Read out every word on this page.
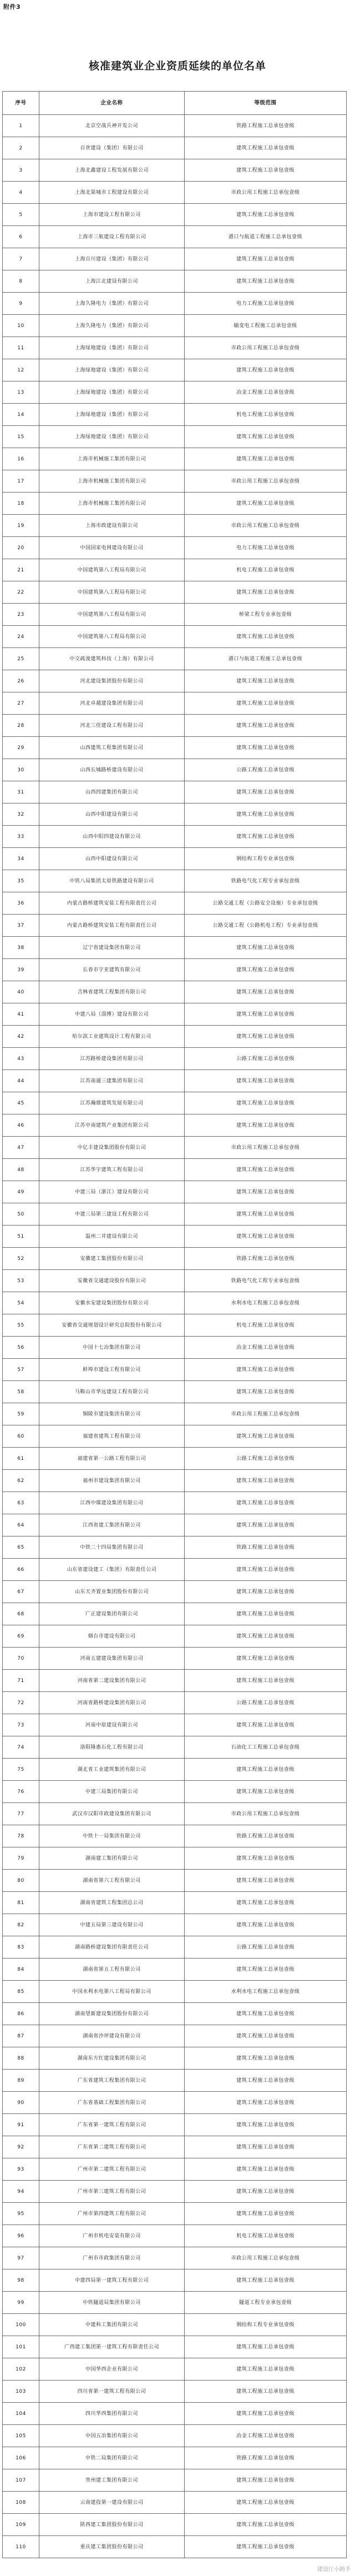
附件3
核准建筑业企业资质延续的单位名单
序号	企业名称	等级范围
1	北京空战兵神开发公司	铁路工程施工总承包壹级
2	百世建设（集团）有限公司	建筑工程施工总承包壹级
3	上海北鑫建设工程发展有限公司	建筑工程施工总承包壹级
4	上海北渠城市工程建设有限公司	市政公用工程施工总承包壹级
5	上海市建设工程有限公司	建筑工程施工总承包壹级
6	上海市三航建设工程有限公司	港口与航道工程施工总承包壹级
7	上海百川建设（集团）有限公司	建筑工程施工总承包壹级
8	上海江北建设有限公司	建筑工程施工总承包壹级
9	上海久隆电力（集团）有限公司	电力工程施工总承包壹级
10	上海久隆电力（集团）有限公司	输变电工程施工总承包壹级
11	上海绿地建设（集团）有限公司	市政公用工程施工总承包壹级
12	上海绿地建设（集团）有限公司	建筑工程施工总承包壹级
13	上海绿地建设（集团）有限公司	冶金工程施工总承包壹级
14	上海绿地建设（集团）有限公司	机电工程施工总承包壹级
15	上海绿地建设（集团）有限公司	建筑工程施工总承包壹级
16	上海市机械施工集团有限公司	建筑工程施工总承包壹级
17	上海市机械施工集团有限公司	市政公用工程施工总承包壹级
18	上海市机械施工集团有限公司	建筑工程施工总承包壹级
19	上海市政建设有限公司	市政公用工程施工总承包壹级
20	中国国家电网建设有限公司	电力工程施工总承包壹级
21	中国建筑第八工程局有限公司	机电工程施工总承包壹级
22	中国建筑第八工程局有限公司	建筑工程施工总承包壹级
23	中国建筑第八工程局有限公司	桥梁工程专业承包壹级
24	中国建筑第八工程局有限公司	建筑工程施工总承包壹级
25	中交疏浚建筑科技（上海）有限公司	港口与航道工程施工总承包壹级
26	河北建设集团股份有限公司	建筑工程施工总承包壹级
27	河北卓越建设集团有限公司	建筑工程施工总承包壹级
28	河北三佳建设工程有限公司	建筑工程施工总承包壹级
29	山西建筑工程集团有限公司	建筑工程施工总承包壹级
30	山西长城路桥建设有限公司	公路工程施工总承包壹级
31	山西四建集团有限公司	建筑工程施工总承包壹级
32	山西中阳建设有限公司	建筑工程施工总承包壹级
33	山西中阳四建设有限公司	建筑工程施工总承包壹级
34	山西中阳建设有限公司	钢结构工程专业承包壹级
35	中铁八局集团太原铁路建设有限公司	铁路电气化工程专业承包壹级
36	内蒙古路桥建筑安装工程有限责任公司	公路交通工程（公路安全设施）专业承包壹级
37	内蒙古路桥建筑安装工程有限责任公司	公路交通工程（公路机电工程）专业承包壹级
38	辽宁省建设集团有限公司	建筑工程施工总承包壹级
39	长春市宇亚建筑有限公司	建筑工程施工总承包壹级
40	吉林省建筑工程集团有限公司	建筑工程施工总承包壹级
41	中建八局（淄博）建设有限公司	建筑工程施工总承包壹级
42	哈尔滨工业建筑设计工程有限公司	建筑工程施工总承包壹级
43	江苏路桥建设集团有限公司	公路工程施工总承包壹级
44	江苏南通三建集团有限公司	建筑工程施工总承包壹级
45	江苏瀚鼎建筑发展有限公司	建筑工程施工总承包壹级
46	江苏中南建筑产业集团有限公司	建筑工程施工总承包壹级
47	中亿丰建设集团股份有限公司	市政公用工程施工总承包壹级
48	江苏华宇建筑工程有限公司	建筑工程施工总承包壹级
49	中建三局（浙江）建设有限公司	建筑工程施工总承包壹级
50	中建三局第三建设工程有限公司	建筑工程施工总承包壹级
51	温州二井建设有限公司	建筑工程施工总承包壹级
52	安徽建工集团股份有限公司	铁路工程施工总承包壹级
53	安徽省交通建设股份有限公司	铁路电气化工程专业承包壹级
54	安徽水安建设集团股份有限公司	水利水电工程施工总承包壹级
55	安徽省交通规划设计研究总院股份有限公司	机电工程施工总承包壹级
56	中国十七冶集团有限公司	冶金工程施工总承包壹级
57	蚌埠市建设工程有限公司	建筑工程施工总承包壹级
58	马鞍山市华远建设工程有限公司	建筑工程施工总承包壹级
59	铜陵市建设集团有限公司	市政公用工程施工总承包壹级
60	福建省建筑工程有限公司	建筑工程施工总承包壹级
61	福建省第一公路工程有限公司	公路工程施工总承包壹级
62	福州市建设集团有限公司	建筑工程施工总承包壹级
63	江西中煤建设集团有限公司	建筑工程施工总承包壹级
64	江西省建工集团有限公司	建筑工程施工总承包壹级
65	中铁二十四局集团有限公司	铁路工程施工总承包壹级
66	山东省建设建工（集团）有限责任公司	建筑工程施工总承包壹级
67	山东天齐置业集团股份有限公司	建筑工程施工总承包壹级
68	广正建设集团有限公司	建筑工程施工总承包壹级
69	烟台市建设有限公司	建筑工程施工总承包壹级
70	河南五建建设集团有限公司	建筑工程施工总承包壹级
71	河南省第二建设集团有限公司	建筑工程施工总承包壹级
72	河南省路桥建设集团有限公司	公路工程施工总承包壹级
73	河南中原建设有限公司	建筑工程施工总承包壹级
74	洛阳隆惠石化工程有限公司	石油化工工程施工总承包壹级
75	湖北省工业建筑集团有限公司	建筑工程施工总承包壹级
76	中建三局集团有限公司	建筑工程施工总承包壹级
77	武汉市汉阳市政建设集团有限公司	市政公用工程施工总承包壹级
78	中铁十一局集团有限公司	铁路工程施工总承包壹级
79	湖南建工集团有限公司	建筑工程施工总承包壹级
80	湖南省第六工程有限公司	建筑工程施工总承包壹级
81	湖南省建筑工程集团总公司	建筑工程施工总承包壹级
82	中建五局第三建设有限公司	建筑工程施工总承包壹级
83	湖南路桥建设集团有限责任公司	公路工程施工总承包壹级
84	湖南省第五工程有限公司	建筑工程施工总承包壹级
85	中国水利水电第八工程局有限公司	水利水电工程施工总承包壹级
86	湖南望新建设集团股份有限公司	建筑工程施工总承包壹级
87	湖南省沙坪建设有限公司	建筑工程施工总承包壹级
88	湖南东方红建设集团有限公司	建筑工程施工总承包壹级
89	广东省建筑工程集团有限公司	建筑工程施工总承包壹级
90	广东省基础工程集团有限公司	建筑工程施工总承包壹级
91	广东省第一建筑工程有限公司	建筑工程施工总承包壹级
92	广东省第二建筑工程有限公司	建筑工程施工总承包壹级
93	广州市第二建筑工程有限公司	建筑工程施工总承包壹级
94	广州市第三建筑工程有限公司	建筑工程施工总承包壹级
95	广州市第四建筑工程有限公司	建筑工程施工总承包壹级
96	广州市机电安装有限公司	机电工程施工总承包壹级
97	广州市市政集团有限公司	市政公用工程施工总承包壹级
98	中建四局第一建筑工程有限公司	建筑工程施工总承包壹级
99	中铁隧道局集团有限公司	隧道工程专业承包壹级
100	中建科工集团有限公司	钢结构工程专业承包壹级
101	广西建工集团第一建筑工程有限责任公司	建筑工程施工总承包壹级
102	中国华西企业有限公司	建筑工程施工总承包壹级
103	四川省第一建筑工程有限公司	建筑工程施工总承包壹级
104	四川华西集团有限公司	建筑工程施工总承包壹级
105	中国五冶集团有限公司	冶金工程施工总承包壹级
106	中铁二局集团有限公司	铁路工程施工总承包壹级
107	贵州建工集团有限公司	建筑工程施工总承包壹级
108	云南建投第一建设有限公司	建筑工程施工总承包壹级
109	陕西建工集团股份有限公司	建筑工程施工总承包壹级
110	重庆建工集团股份有限公司	建筑工程施工总承包壹级
建设厅小助手
